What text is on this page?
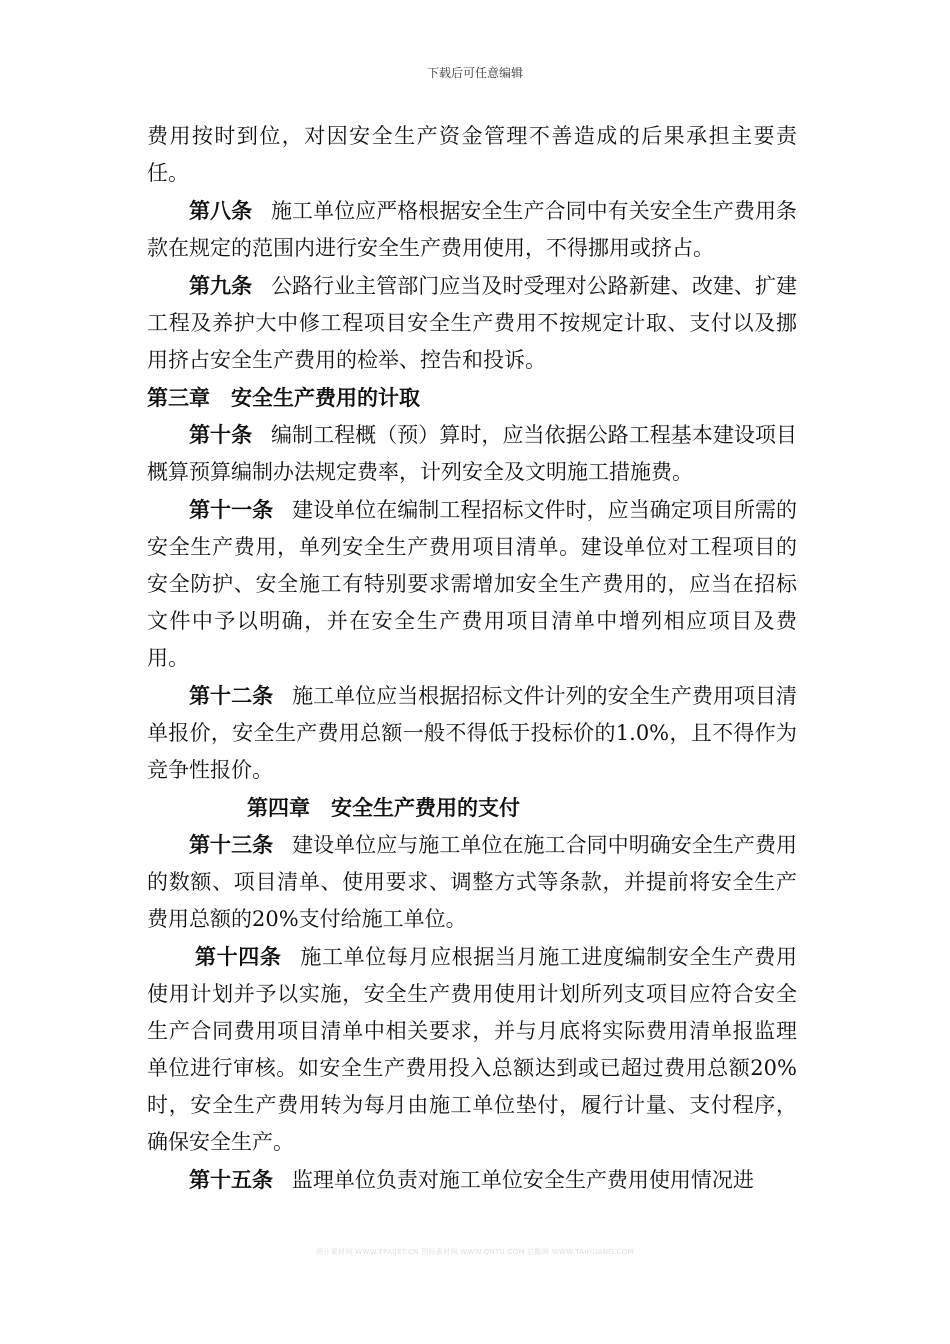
下载后可任意编辑

费用按时到位，对因安全生产资金管理不善造成的后果承担主要责任。

第八条 施工单位应严格根据安全生产合同中有关安全生产费用条款在规定的范围内进行安全生产费用使用，不得挪用或挤占。

第九条 公路行业主管部门应当及时受理对公路新建、改建、扩建工程及养护大中修工程项目安全生产费用不按规定计取、支付以及挪用挤占安全生产费用的检举、控告和投诉。

第三章　安全生产费用的计取

第十条 编制工程概（预）算时，应当依据公路工程基本建设项目概算预算编制办法规定费率，计列安全及文明施工措施费。

第十一条 建设单位在编制工程招标文件时，应当确定项目所需的安全生产费用，单列安全生产费用项目清单。建设单位对工程项目的安全防护、安全施工有特别要求需增加安全生产费用的，应当在招标文件中予以明确，并在安全生产费用项目清单中增列相应项目及费用。

第十二条 施工单位应当根据招标文件计列的安全生产费用项目清单报价，安全生产费用总额一般不得低于投标价的1.0%，且不得作为竞争性报价。

第四章　安全生产费用的支付

第十三条 建设单位应与施工单位在施工合同中明确安全生产费用的数额、项目清单、使用要求、调整方式等条款，并提前将安全生产费用总额的20%支付给施工单位。

第十四条 施工单位每月应根据当月施工进度编制安全生产费用使用计划并予以实施，安全生产费用使用计划所列支项目应符合安全生产合同费用项目清单中相关要求，并与月底将实际费用清单报监理单位进行审核。如安全生产费用投入总额达到或已超过费用总额20%时，安全生产费用转为每月由施工单位垫付，履行计量、支付程序，确保安全生产。

第十五条 监理单位负责对施工单位安全生产费用使用情况进

图片素材网 WWW.TPAIJET.CN 图标素材网 WWW.QNTU.COM 站酷网 WWW.TAIHUANG.COM
